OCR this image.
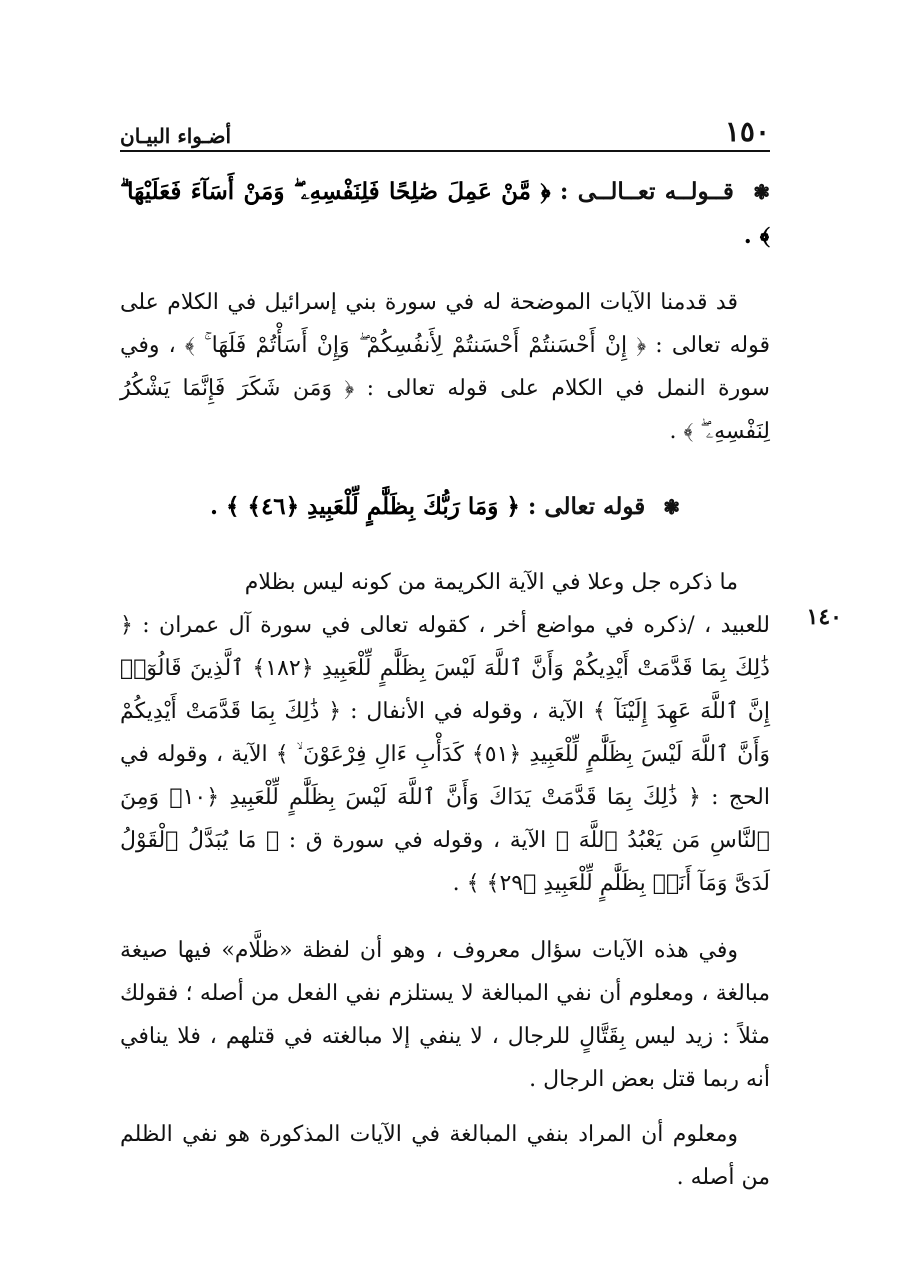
١٥٠
أضـواء البيـان

❃ قــولــه تعــالــى : ﴿ مَّنْ عَمِلَ صَٰلِحًا فَلِنَفْسِهِۦ ۖ وَمَنْ أَسَآءَ فَعَلَيْهَا ۗ ﴾ .

قد قدمنا الآيات الموضحة له في سورة بني إسرائيل في الكلام على قوله تعالى : ﴿ إِنْ أَحْسَنتُمْ أَحْسَنتُمْ لِأَنفُسِكُمْ ۖ وَإِنْ أَسَأْتُمْ فَلَهَا ۚ ﴾ ، وفي سورة النمل في الكلام على قوله تعالى : ﴿ وَمَن شَكَرَ فَإِنَّمَا يَشْكُرُ لِنَفْسِهِۦ ۖ ﴾ .

❃ قوله تعالى : ﴿ وَمَا رَبُّكَ بِظَلَّٰمٍ لِّلْعَبِيدِ ﴿٤٦﴾ ﴾ .

ما ذكره جل وعلا في الآية الكريمة من كونه ليس بظلام

١٤٠

للعبيد ، /ذكره في مواضع أخر ، كقوله تعالى في سورة آل عمران : ﴿ ذَٰلِكَ بِمَا قَدَّمَتْ أَيْدِيكُمْ وَأَنَّ ٱللَّهَ لَيْسَ بِظَلَّٰمٍ لِّلْعَبِيدِ ﴿١٨٢﴾ ٱلَّذِينَ قَالُوٓا۟ إِنَّ ٱللَّهَ عَهِدَ إِلَيْنَآ ﴾ الآية ، وقوله في الأنفال : ﴿ ذَٰلِكَ بِمَا قَدَّمَتْ أَيْدِيكُمْ وَأَنَّ ٱللَّهَ لَيْسَ بِظَلَّٰمٍ لِّلْعَبِيدِ ﴿٥١﴾ كَدَأْبِ ءَالِ فِرْعَوْنَ ۙ ﴾ الآية ، وقوله في الحج : ﴿ ذَٰلِكَ بِمَا قَدَّمَتْ يَدَاكَ وَأَنَّ ٱللَّهَ لَيْسَ بِظَلَّٰمٍ لِّلْعَبِيدِ ﴿١٠﴾ وَمِنَ ٱلنَّاسِ مَن يَعْبُدُ ٱللَّهَ ﴾ الآية ، وقوله في سورة ق : ﴿ مَا يُبَدَّلُ ٱلْقَوْلُ لَدَىَّ وَمَآ أَنَا۠ بِظَلَّٰمٍ لِّلْعَبِيدِ ﴿٢٩﴾ ﴾ .

وفي هذه الآيات سؤال معروف ، وهو أن لفظة «ظلَّام» فيها صيغة مبالغة ، ومعلوم أن نفي المبالغة لا يستلزم نفي الفعل من أصله ؛ فقولك مثلاً : زيد ليس بِقَتَّالٍ للرجال ، لا ينفي إلا مبالغته في قتلهم ، فلا ينافي أنه ربما قتل بعض الرجال .

ومعلوم أن المراد بنفي المبالغة في الآيات المذكورة هو نفي الظلم من أصله .
